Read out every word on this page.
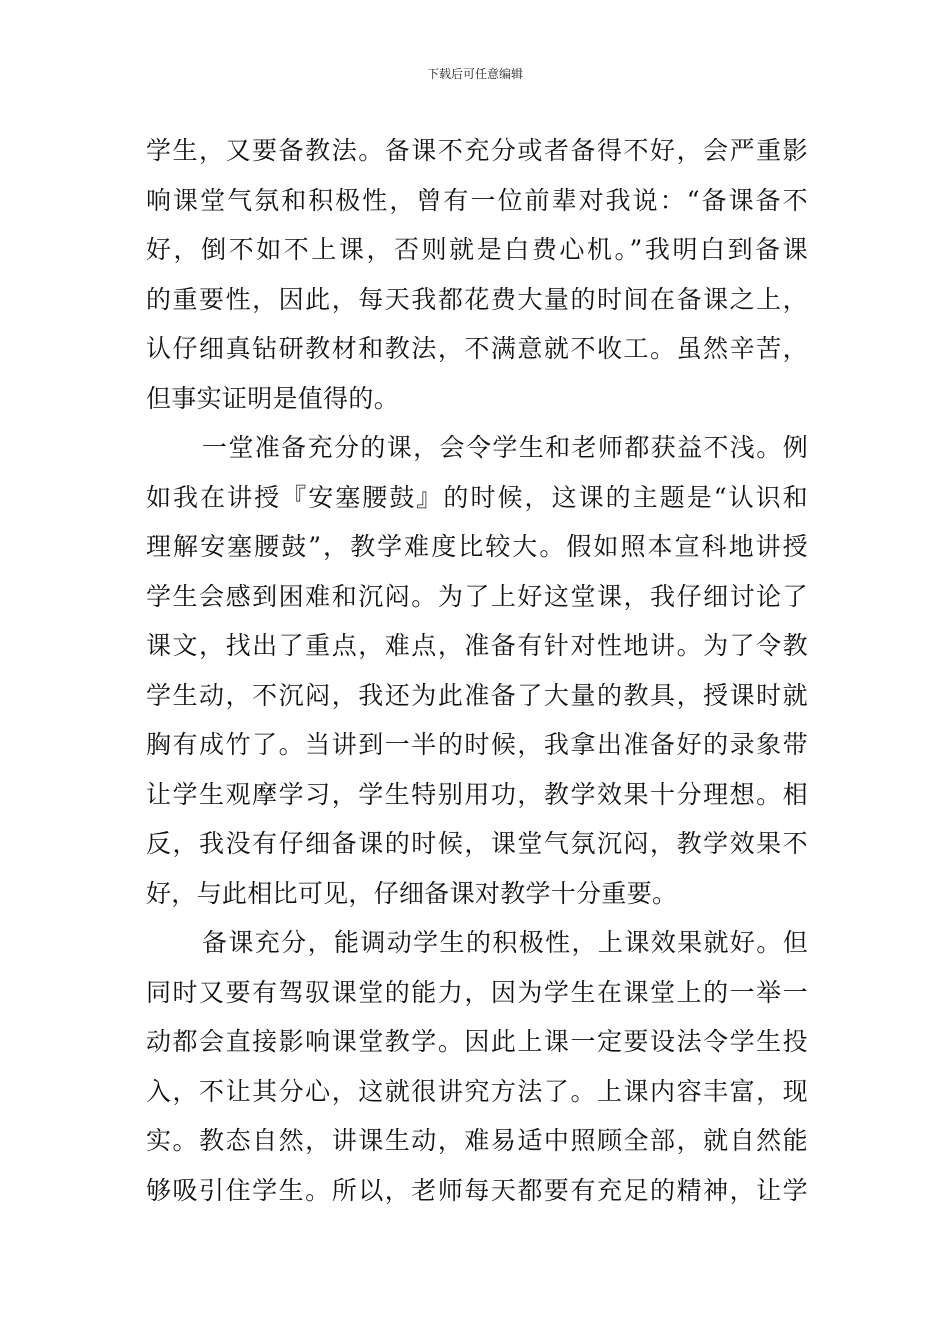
下载后可任意编辑
学生，又要备教法。备课不充分或者备得不好，会严重影
响课堂气氛和积极性，曾有一位前辈对我说：“备课备不
好，倒不如不上课，否则就是白费心机。”我明白到备课
的重要性，因此，每天我都花费大量的时间在备课之上，
认仔细真钻研教材和教法，不满意就不收工。虽然辛苦，
但事实证明是值得的。
一堂准备充分的课，会令学生和老师都获益不浅。例
如我在讲授『安塞腰鼓』的时候，这课的主题是“认识和
理解安塞腰鼓”，教学难度比较大。假如照本宣科地讲授
学生会感到困难和沉闷。为了上好这堂课，我仔细讨论了
课文，找出了重点，难点，准备有针对性地讲。为了令教
学生动，不沉闷，我还为此准备了大量的教具，授课时就
胸有成竹了。当讲到一半的时候，我拿出准备好的录象带
让学生观摩学习，学生特别用功，教学效果十分理想。相
反，我没有仔细备课的时候，课堂气氛沉闷，教学效果不
好，与此相比可见，仔细备课对教学十分重要。
备课充分，能调动学生的积极性，上课效果就好。但
同时又要有驾驭课堂的能力，因为学生在课堂上的一举一
动都会直接影响课堂教学。因此上课一定要设法令学生投
入，不让其分心，这就很讲究方法了。上课内容丰富，现
实。教态自然，讲课生动，难易适中照顾全部，就自然能
够吸引住学生。所以，老师每天都要有充足的精神，让学
